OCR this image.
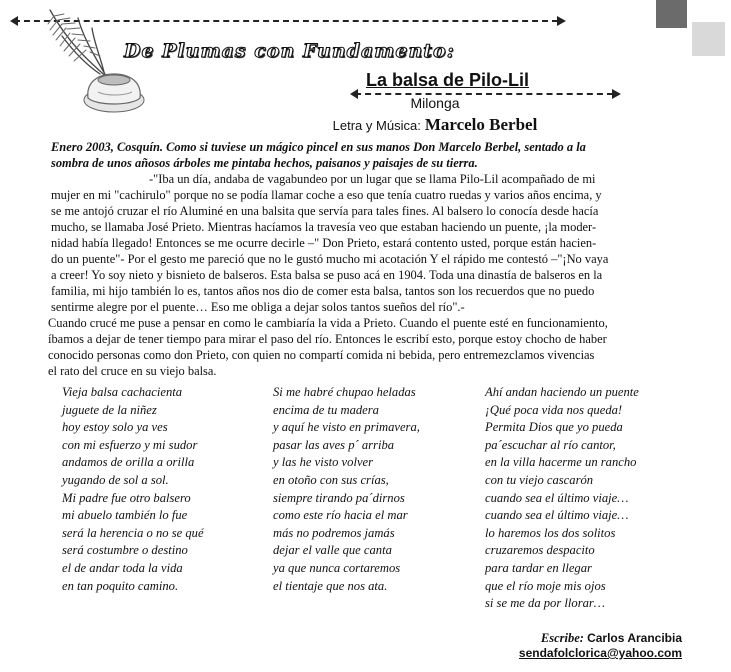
De Plumas con Fundamento:
La balsa de Pilo-Lil
Milonga
Letra y Música: Marcelo Berbel
Enero 2003, Cosquín. Como si tuviese un mágico pincel en sus manos Don Marcelo Berbel, sentado a la
sombra de unos añosos árboles me pintaba hechos, paisanos y paisajes de su tierra.
-"Iba un día, andaba de vagabundeo por un lugar que se llama Pilo-Lil acompañado de mi
mujer en mi "cachirulo" porque no se podía llamar coche a eso que tenía cuatro ruedas y varios años encima, y
se me antojó cruzar el río Aluminé en una balsita que servía para tales fines. Al balsero lo conocía desde hacía
mucho, se llamaba José Prieto. Mientras hacíamos la travesía veo que estaban haciendo un puente, ¡la moder-
nidad había llegado! Entonces se me ocurre decirle –" Don Prieto, estará contento usted, porque están hacien-
do un puente"- Por el gesto me pareció que no le gustó mucho mi acotación Y el rápido me contestó –"¡No vaya
a creer! Yo soy nieto y bisnieto de balseros. Esta balsa se puso acá en 1904. Toda una dinastía de balseros en la
familia, mi hijo también lo es, tantos años nos dio de comer esta balsa, tantos son los recuerdos que no puedo
sentirme alegre por el puente… Eso me obliga a dejar solos tantos sueños del río".-
Cuando crucé me puse a pensar en como le cambiaría la vida a Prieto. Cuando el puente esté en funcionamiento,
íbamos a dejar de tener tiempo para mirar el paso del río. Entonces le escribí esto, porque estoy chocho de haber
conocido personas como don Prieto, con quien no compartí comida ni bebida, pero entremezclamos vivencias
el rato del cruce en su viejo balsa.
Vieja balsa cachacienta
juguete de la niñez
hoy estoy solo ya ves
con mi esfuerzo y mi sudor
andamos de orilla a orilla
yugando de sol a sol.
Mi padre fue otro balsero
mi abuelo también lo fue
será la herencia o no se qué
será costumbre o destino
el de andar toda la vida
en tan poquito camino.
Si me habré chupao heladas
encima de tu madera
y aquí he visto en primavera,
pasar las aves p´ arriba
y las he visto volver
en otoño con sus crías,
siempre tirando pa´dirnos
como este río hacia el mar
más no podremos jamás
dejar el valle que canta
ya que nunca cortaremos
el tientaje que nos ata.
Ahí andan haciendo un puente
¡Qué poca vida nos queda!
Permita Dios que yo pueda
pa´escuchar al río cantor,
en la villa hacerme un rancho
con tu viejo cascarón
cuando sea el último viaje…
cuando sea el último viaje…
lo haremos los dos solitos
cruzaremos despacito
para tardar en llegar
que el río moje mis ojos
si se me da por llorar…
Escribe: Carlos Arancibia
sendafolclorica@yahoo.com
